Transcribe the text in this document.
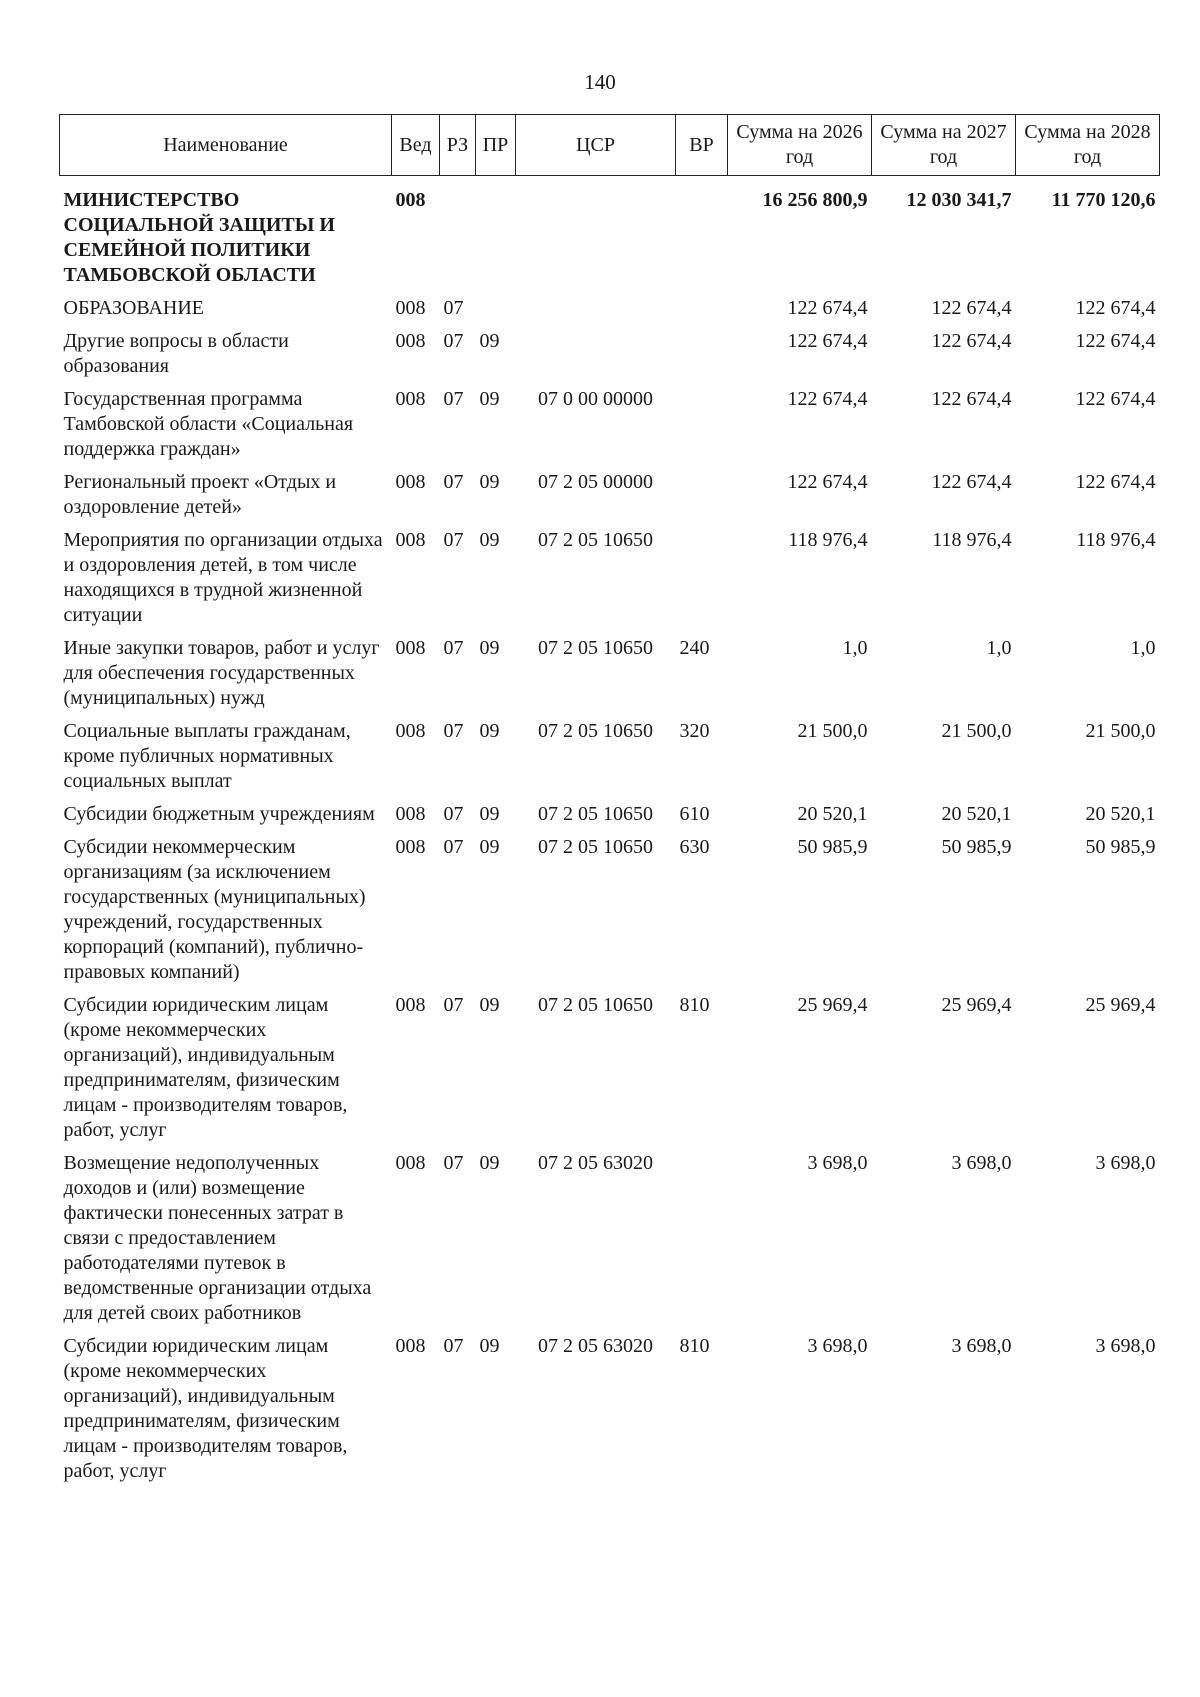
140
Наименование	Вед	РЗ	ПР	ЦСР	ВР	Сумма на 2026 год	Сумма на 2027 год	Сумма на 2028 год
МИНИСТЕРСТВО СОЦИАЛЬНОЙ ЗАЩИТЫ И СЕМЕЙНОЙ ПОЛИТИКИ ТАМБОВСКОЙ ОБЛАСТИ	008					16 256 800,9	12 030 341,7	11 770 120,6
ОБРАЗОВАНИЕ	008	07				122 674,4	122 674,4	122 674,4
Другие вопросы в области образования	008	07	09			122 674,4	122 674,4	122 674,4
Государственная программа Тамбовской области «Социальная поддержка граждан»	008	07	09	07 0 00 00000		122 674,4	122 674,4	122 674,4
Региональный проект «Отдых и оздоровление детей»	008	07	09	07 2 05 00000		122 674,4	122 674,4	122 674,4
Мероприятия по организации отдыха и оздоровления детей, в том числе находящихся в трудной жизненной ситуации	008	07	09	07 2 05 10650		118 976,4	118 976,4	118 976,4
Иные закупки товаров, работ и услуг для обеспечения государственных (муниципальных) нужд	008	07	09	07 2 05 10650	240	1,0	1,0	1,0
Социальные выплаты гражданам, кроме публичных нормативных социальных выплат	008	07	09	07 2 05 10650	320	21 500,0	21 500,0	21 500,0
Субсидии бюджетным учреждениям	008	07	09	07 2 05 10650	610	20 520,1	20 520,1	20 520,1
Субсидии некоммерческим организациям (за исключением государственных (муниципальных) учреждений, государственных корпораций (компаний), публично-правовых компаний)	008	07	09	07 2 05 10650	630	50 985,9	50 985,9	50 985,9
Субсидии юридическим лицам (кроме некоммерческих организаций), индивидуальным предпринимателям, физическим лицам - производителям товаров, работ, услуг	008	07	09	07 2 05 10650	810	25 969,4	25 969,4	25 969,4
Возмещение недополученных доходов и (или) возмещение фактически понесенных затрат в связи с предоставлением работодателями путевок в ведомственные организации отдыха для детей своих работников	008	07	09	07 2 05 63020		3 698,0	3 698,0	3 698,0
Субсидии юридическим лицам (кроме некоммерческих организаций), индивидуальным предпринимателям, физическим лицам - производителям товаров, работ, услуг	008	07	09	07 2 05 63020	810	3 698,0	3 698,0	3 698,0
